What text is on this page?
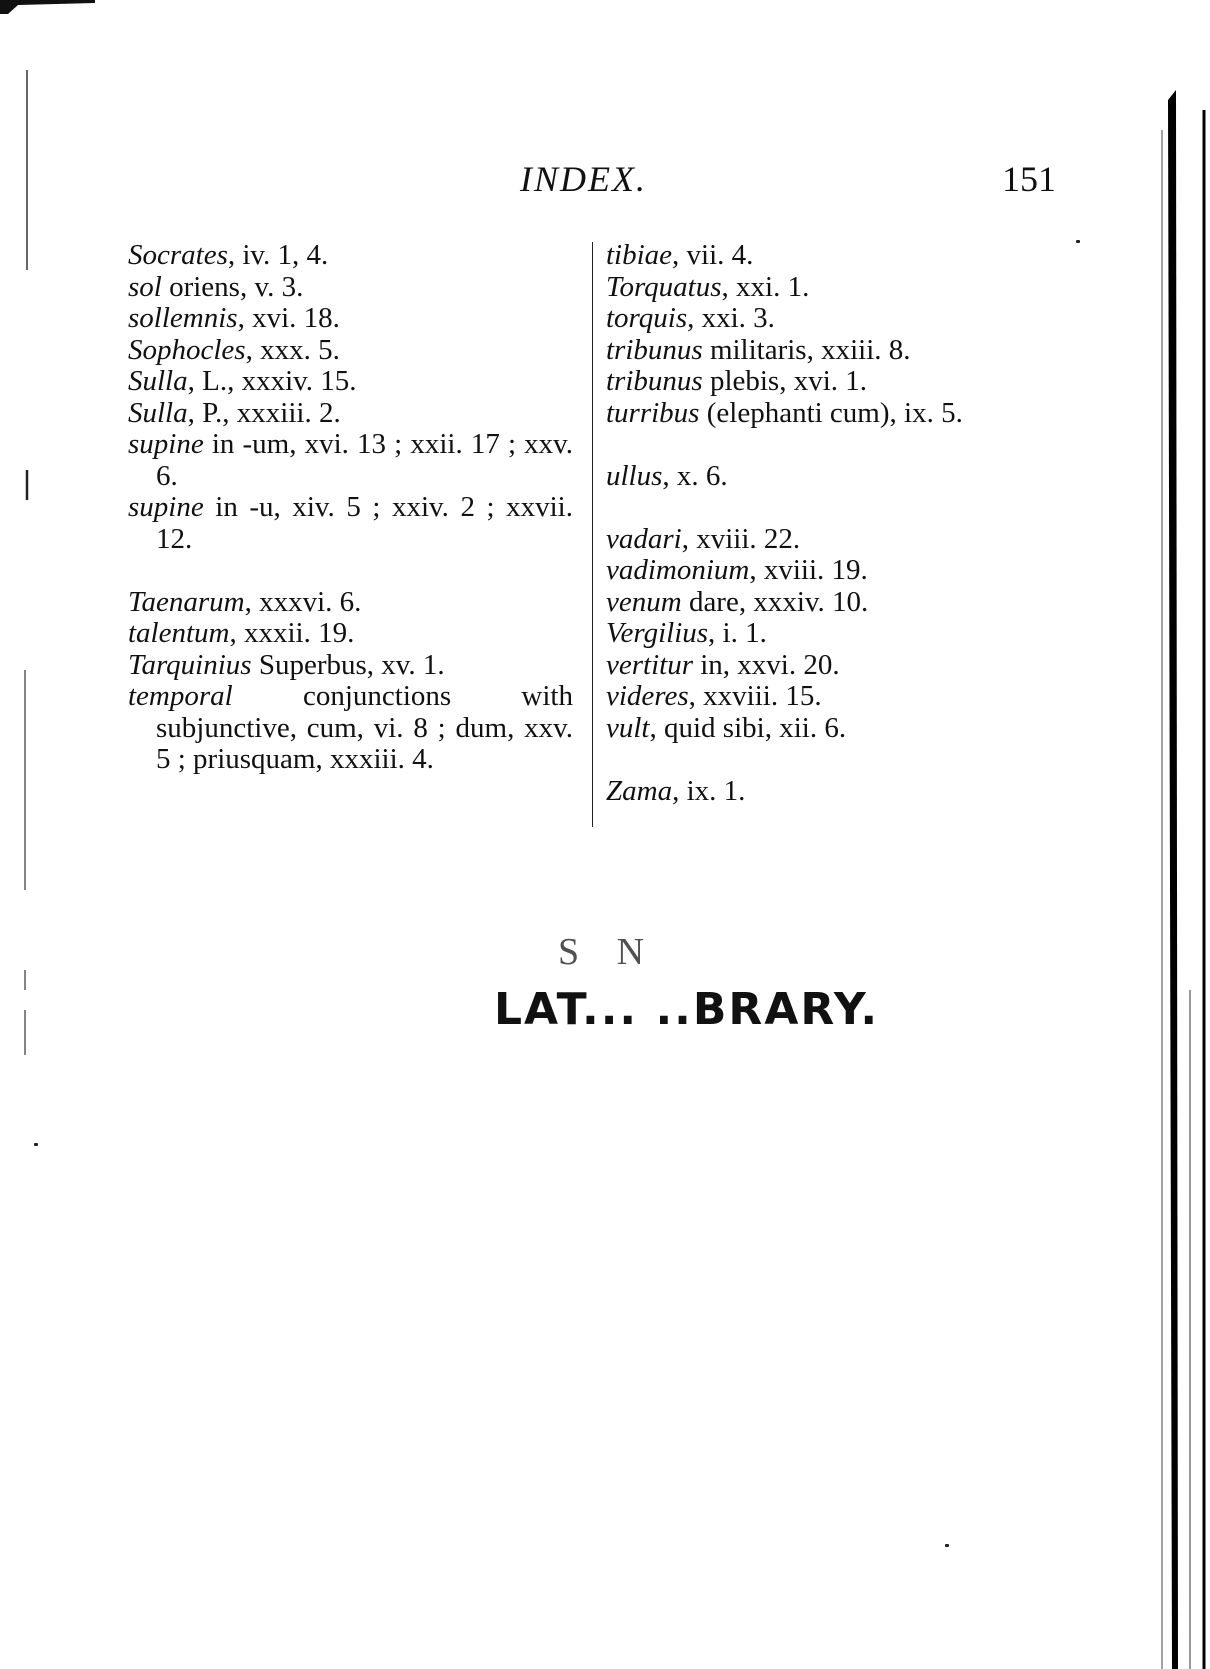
INDEX.	151
Socrates, iv. 1, 4.
sol oriens, v. 3.
sollemnis, xvi. 18.
Sophocles, xxx. 5.
Sulla, L., xxxiv. 15.
Sulla, P., xxxiii. 2.
supine in -um, xvi. 13 ; xxii. 17 ; xxv. 6.
supine in -u, xiv. 5 ; xxiv. 2 ; xxvii. 12.
Taenarum, xxxvi. 6.
talentum, xxxii. 19.
Tarquinius Superbus, xv. 1.
temporal conjunctions with subjunctive, cum, vi. 8 ; dum, xxv. 5 ; priusquam, xxxiii. 4.
tibiae, vii. 4.
Torquatus, xxi. 1.
torquis, xxi. 3.
tribunus militaris, xxiii. 8.
tribunus plebis, xvi. 1.
turribus (elephanti cum), ix. 5.
ullus, x. 6.
vadari, xviii. 22.
vadimonium, xviii. 19.
venum dare, xxxiv. 10.
Vergilius, i. 1.
vertitur in, xxvi. 20.
videres, xxviii. 15.
vult, quid sibi, xii. 6.
Zama, ix. 1.
S N
LAT... ..BRARY.
